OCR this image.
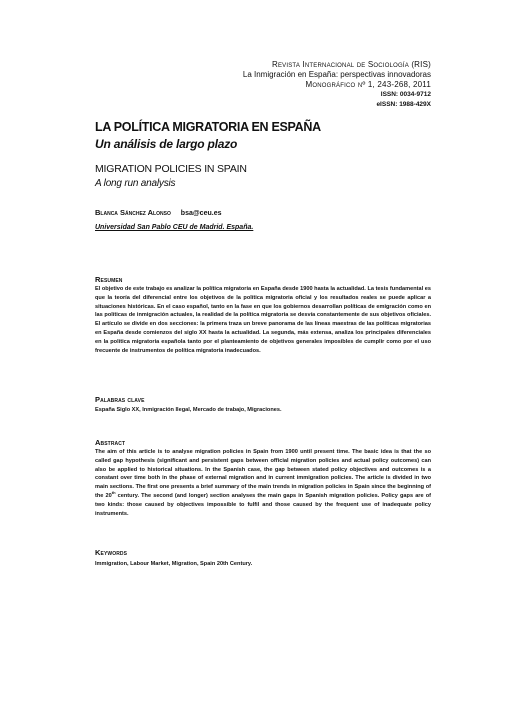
Revista Internacional de Sociología (RIS)
La Inmigración en España: perspectivas innovadoras
Monográfico nº 1, 243-268, 2011
ISSN: 0034-9712
eISSN: 1988-429X
LA POLÍTICA MIGRATORIA EN ESPAÑA
Un análisis de largo plazo
MIGRATION POLICIES IN SPAIN
A long run analysis
Blanca Sánchez Alonso bsa@ceu.es
Universidad San Pablo CEU de Madrid. España.
Resumen
El objetivo de este trabajo es analizar la política migratoria en España desde 1900 hasta la actualidad. La tesis fundamental es que la teoría del diferencial entre los objetivos de la política migratoria oficial y los resultados reales se puede aplicar a situaciones históricas. En el caso español, tanto en la fase en que los gobiernos desarrollan políticas de emigración como en las políticas de inmigración actuales, la realidad de la política migratoria se desvía constantemente de sus objetivos oficiales. El artículo se divide en dos secciones: la primera traza un breve panorama de las líneas maestras de las políticas migratorias en España desde comienzos del siglo XX hasta la actualidad. La segunda, más extensa, analiza los principales diferenciales en la política migratoria española tanto por el planteamiento de objetivos generales imposibles de cumplir como por el uso frecuente de instrumentos de política migratoria inadecuados.
Palabras clave
España Siglo XX, Inmigración Ilegal, Mercado de trabajo, Migraciones.
Abstract
The aim of this article is to analyse migration policies in Spain from 1900 until present time. The basic idea is that the so called gap hypothesis (significant and persistent gaps between official migration policies and actual policy outcomes) can also be applied to historical situations. In the Spanish case, the gap between stated policy objectives and outcomes is a constant over time both in the phase of external migration and in current immigration policies. The article is divided in two main sections. The first one presents a brief summary of the main trends in migration policies in Spain since the beginning of the 20th century. The second (and longer) section analyses the main gaps in Spanish migration policies. Policy gaps are of two kinds: those caused by objectives impossible to fulfil and those caused by the frequent use of inadequate policy instruments.
Keywords
Immigration, Labour Market, Migration, Spain 20th Century.
